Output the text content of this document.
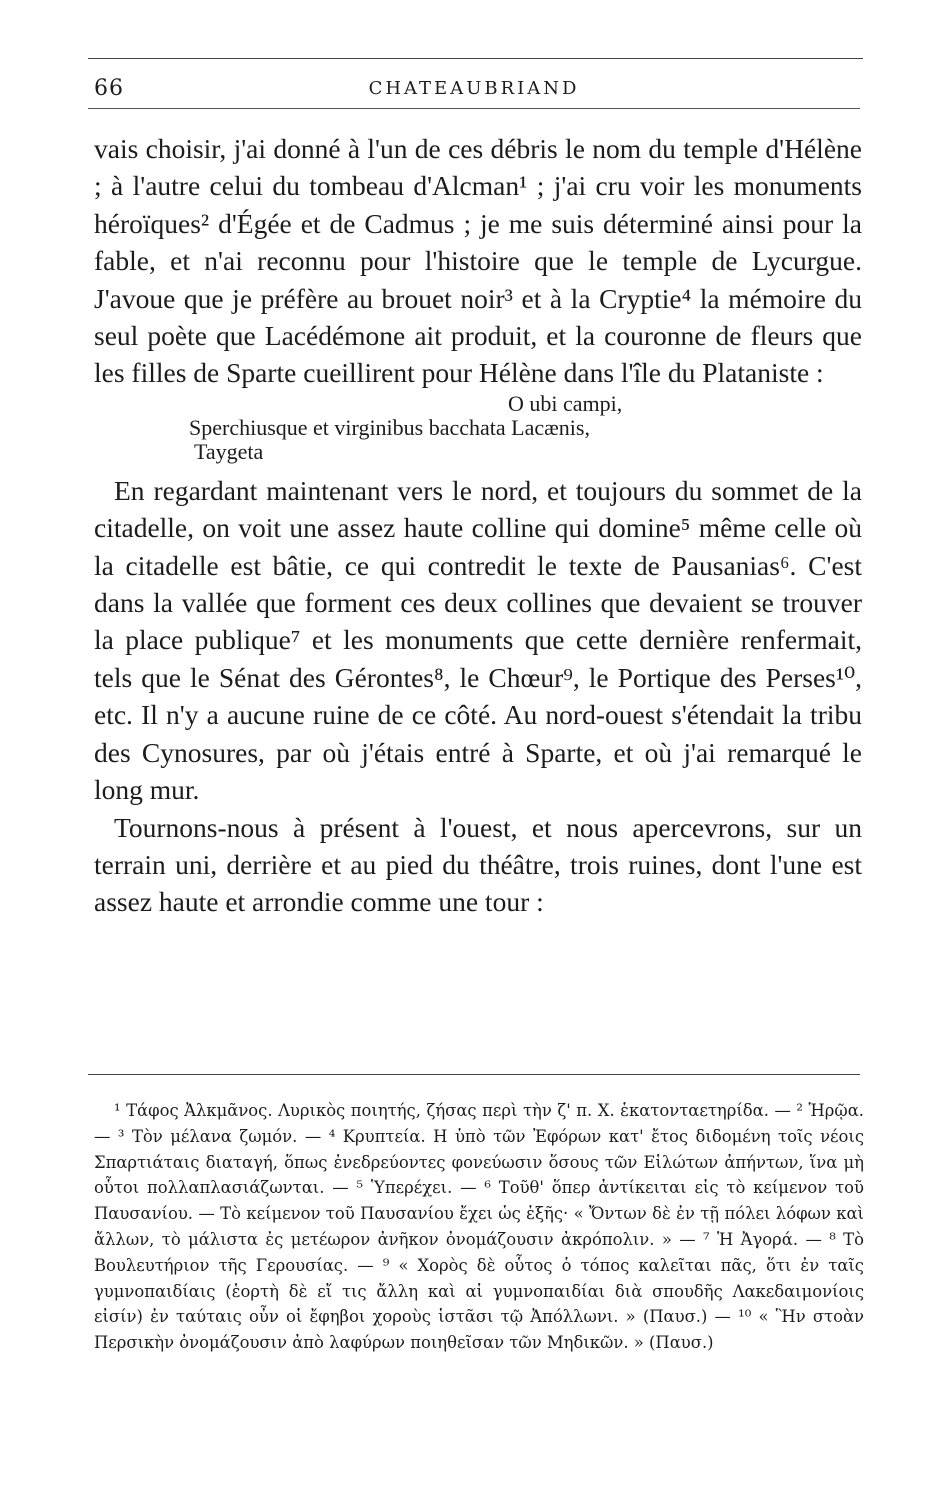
66	CHATEAUBRIAND

vais choisir, j'ai donné à l'un de ces débris le nom du temple d'Hélène ; à l'autre celui du tombeau d'Alcman¹ ; j'ai cru voir les monuments héroïques² d'Égée et de Cadmus ; je me suis déterminé ainsi pour la fable, et n'ai reconnu pour l'histoire que le temple de Lycurgue. J'avoue que je préfère au brouet noir³ et à la Cryptie⁴ la mémoire du seul poète que Lacédémone ait produit, et la couronne de fleurs que les filles de Sparte cueillirent pour Hélène dans l'île du Plataniste :

O ubi campi,
Sperchiusque et virginibus bacchata Lacænis,
Taygeta

En regardant maintenant vers le nord, et toujours du sommet de la citadelle, on voit une assez haute colline qui domine⁵ même celle où la citadelle est bâtie, ce qui contredit le texte de Pausanias⁶. C'est dans la vallée que forment ces deux collines que devaient se trouver la place publique⁷ et les monuments que cette dernière renfermait, tels que le Sénat des Gérontes⁸, le Chœur⁹, le Portique des Perses¹⁰, etc. Il n'y a aucune ruine de ce côté. Au nord-ouest s'étendait la tribu des Cynosures, par où j'étais entré à Sparte, et où j'ai remarqué le long mur.

Tournons-nous à présent à l'ouest, et nous apercevrons, sur un terrain uni, derrière et au pied du théâtre, trois ruines, dont l'une est assez haute et arrondie comme une tour :

¹ Τάφος Ἀλκμᾶνος. Λυρικὸς ποιητής, ζήσας περὶ τὴν ζ' π. Χ. ἑκατονταετηρίδα. — ² Ἡρῷα. — ³ Τὸν μέλανα ζωμόν. — ⁴ Κρυπτεία. Η ὑπὸ τῶν Ἐφόρων κατ' ἔτος διδομένη τοῖς νέοις Σπαρτιάταις διαταγή, ὅπως ἐνεδρεύοντες φονεύωσιν ὅσους τῶν Εἱλώτων ἀπήντων, ἵνα μὴ οὗτοι πολλαπλασιάζωνται. — ⁵ Ὑπερέχει. — ⁶ Τοῦθ' ὅπερ ἀντίκειται εἰς τὸ κείμενον τοῦ Παυσανίου. — Τὸ κείμενον τοῦ Παυσανίου ἔχει ὡς ἑξῆς· « Ὄντων δὲ ἐν τῇ πόλει λόφων καὶ ἄλλων, τὸ μάλιστα ἐς μετέωρον ἀνῆκον ὀνομάζουσιν ἀκρόπολιν. » — ⁷ Ἡ Ἀγορά. — ⁸ Τὸ Βουλευτήριον τῆς Γερουσίας. — ⁹ « Χορὸς δὲ οὗτος ὁ τόπος καλεῖται πᾶς, ὅτι ἐν ταῖς γυμνοπαιδίαις (ἑορτὴ δὲ εἴ τις ἄλλη καὶ αἱ γυμνοπαιδίαι διὰ σπουδῆς Λακεδαιμονίοις εἰσίν) ἐν ταύταις οὖν οἱ ἔφηβοι χοροὺς ἱστᾶσι τῷ Ἀπόλλωνι. » (Παυσ.) — ¹⁰ « Ἣν στοὰν Περσικὴν ὀνομάζουσιν ἀπὸ λαφύρων ποιηθεῖσαν τῶν Μηδικῶν. » (Παυσ.)
